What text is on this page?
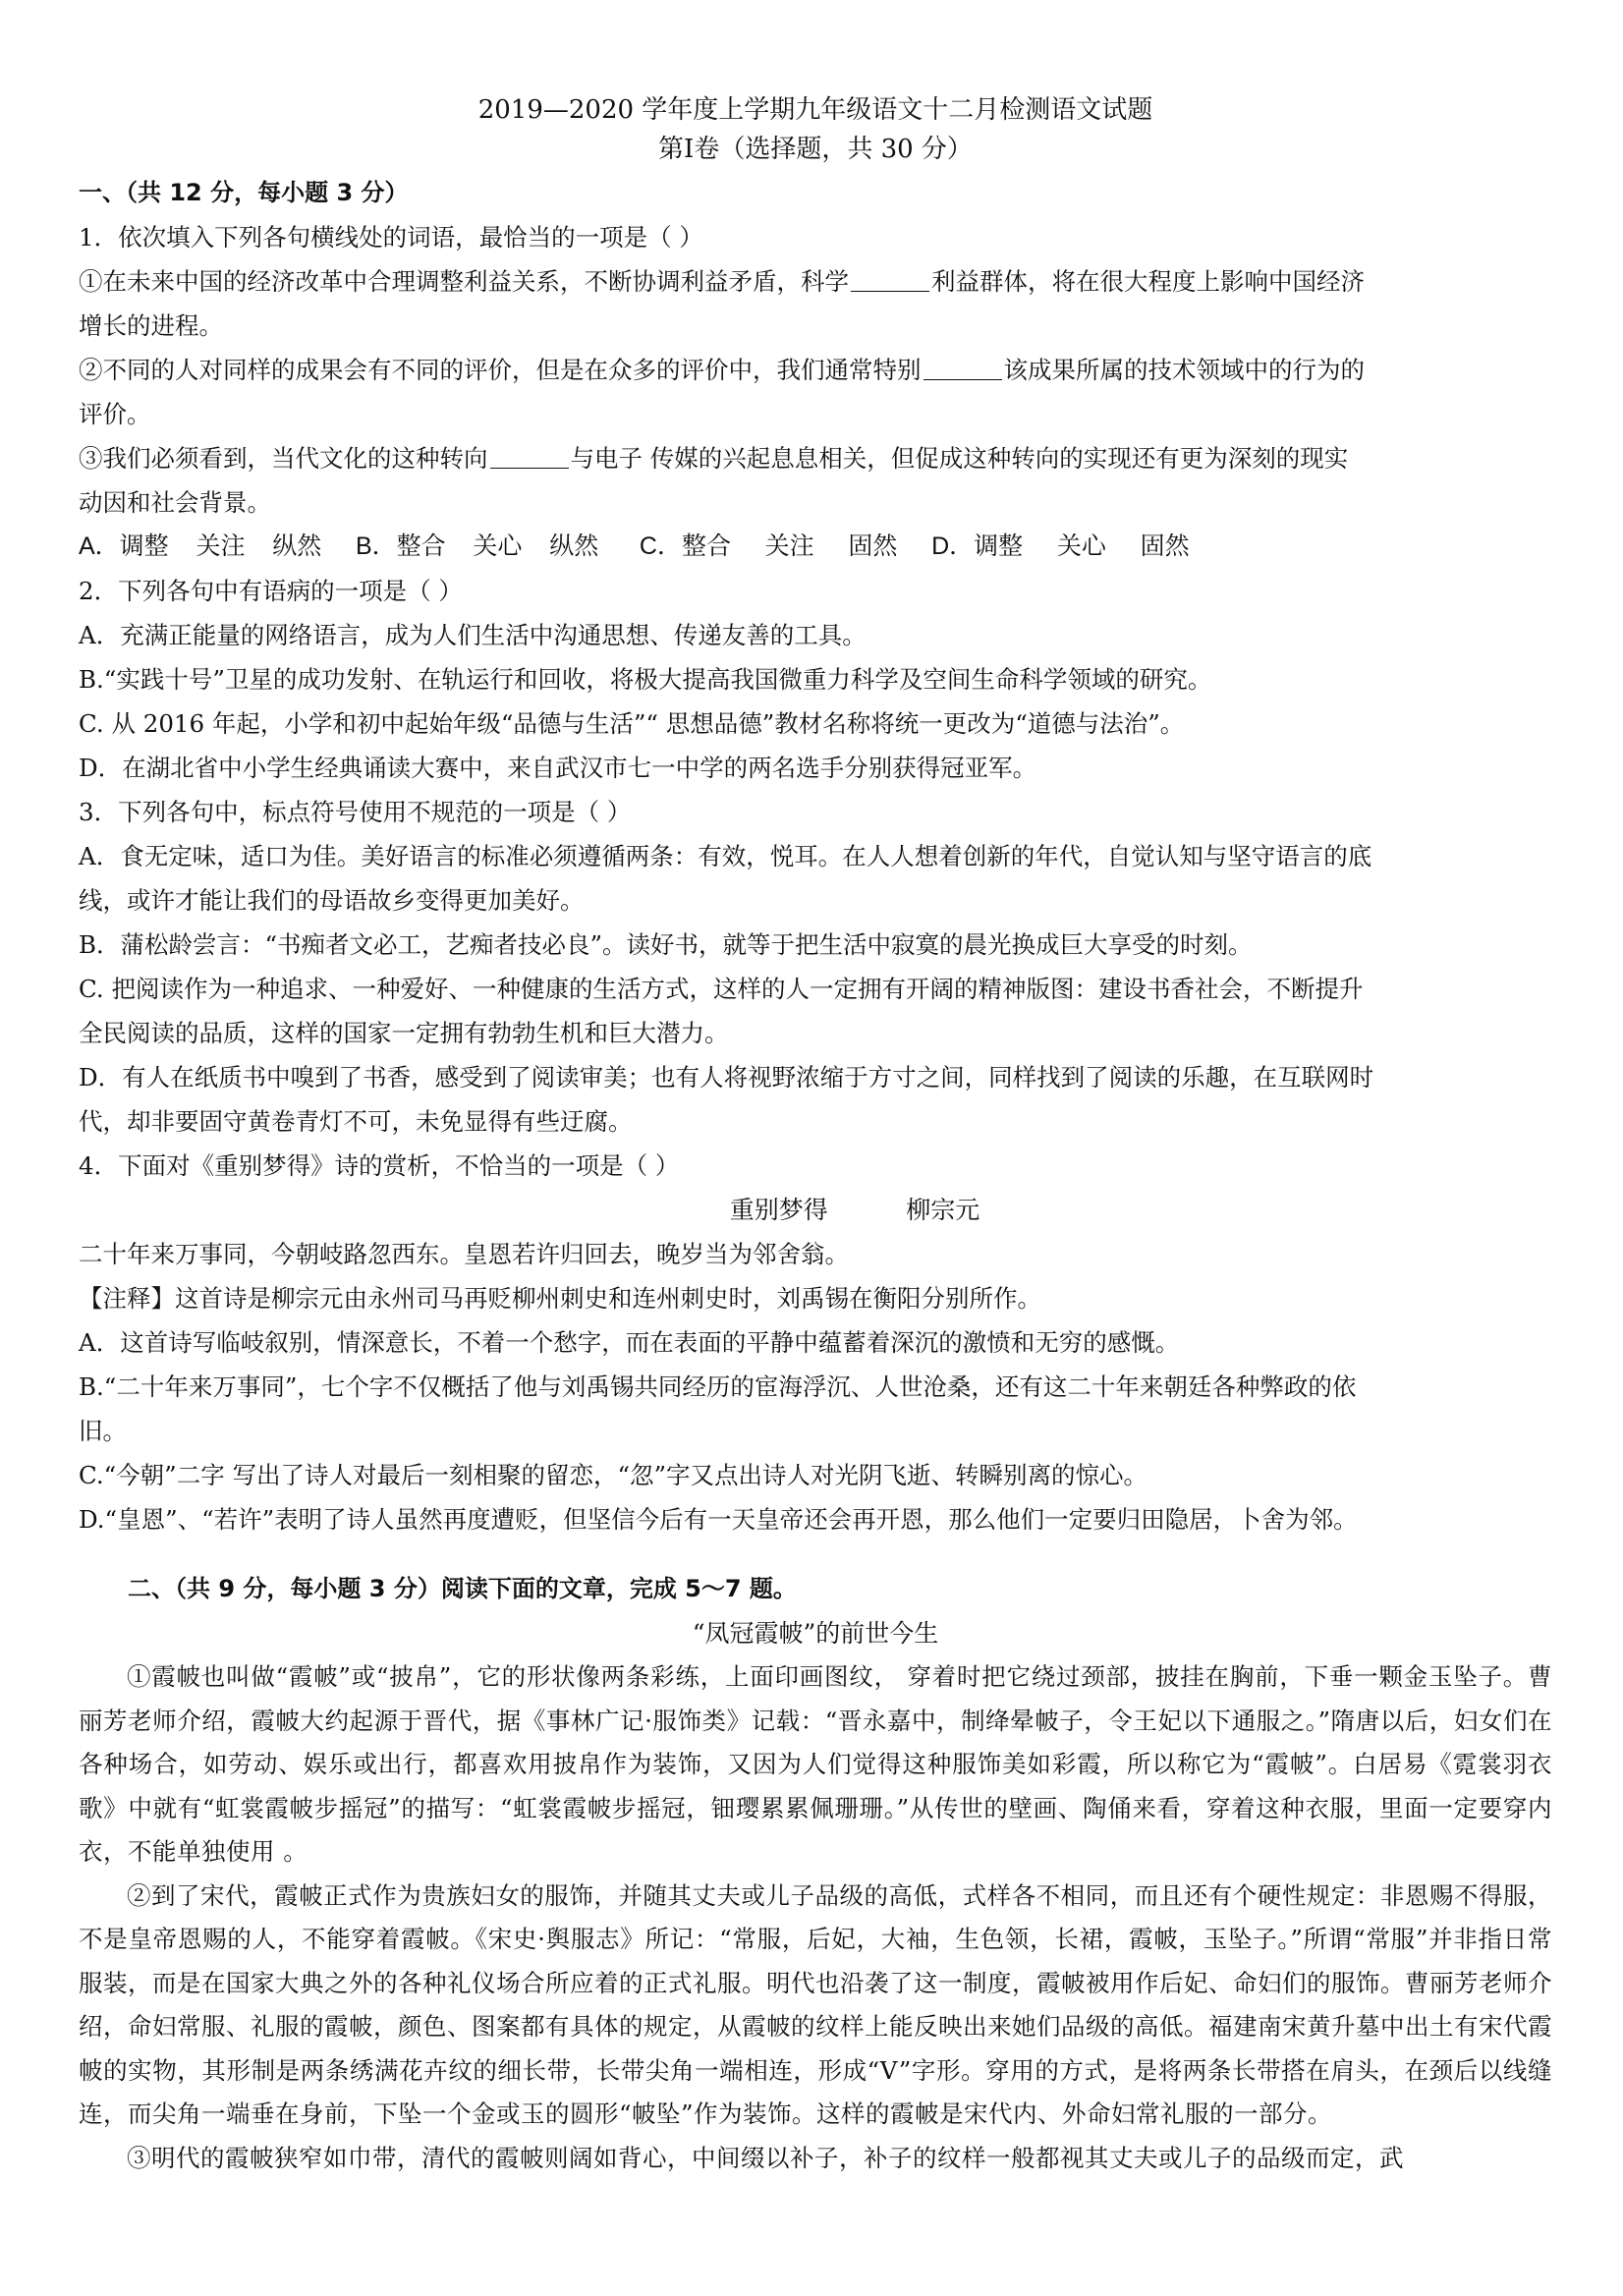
2019—2020 学年度上学期九年级语文十二月检测语文试题
第Ⅰ卷（选择题，共 30 分）
一、（共 12 分，每小题 3 分）
1．依次填入下列各句横线处的词语，最恰当的一项是（ ）
①在未来中国的经济改革中合理调整利益关系，不断协调利益矛盾，科学	利益群体，将在很大程度上影响中国经济
增长的进程。
②不同的人对同样的成果会有不同的评价，但是在众多的评价中，我们通常特别	该成果所属的技术领域中的行为的
评价。
③我们必须看到，当代文化的这种转向	与电子 传媒的兴起息息相关，但促成这种转向的实现还有更为深刻的现实
动因和社会背景。
A．调整    关注    纵然     B．整合    关心    纵然      C．整合     关注     固然     D．调整     关心     固然
2．下列各句中有语病的一项是（ ）
A．充满正能量的网络语言，成为人们生活中沟通思想、传递友善的工具。
B.“实践十号”卫星的成功发射、在轨运行和回收，将极大提高我国微重力科学及空间生命科学领域的研究。
C. 从 2016 年起，小学和初中起始年级“品德与生活”“ 思想品德”教材名称将统一更改为“道德与法治”。
D．在湖北省中小学生经典诵读大赛中，来自武汉市七一中学的两名选手分别获得冠亚军。
3．下列各句中，标点符号使用不规范的一项是（ ）
A．食无定味，适口为佳。美好语言的标准必须遵循两条：有效，悦耳。在人人想着创新的年代，自觉认知与坚守语言的底
线，或许才能让我们的母语故乡变得更加美好。
B．蒲松龄尝言：“书痴者文必工，艺痴者技必良”。读好书，就等于把生活中寂寞的晨光换成巨大享受的时刻。
C. 把阅读作为一种追求、一种爱好、一种健康的生活方式，这样的人一定拥有开阔的精神版图：建设书香社会，不断提升
全民阅读的品质，这样的国家一定拥有勃勃生机和巨大潜力。
D．有人在纸质书中嗅到了书香，感受到了阅读审美；也有人将视野浓缩于方寸之间，同样找到了阅读的乐趣，在互联网时
代，却非要固守黄卷青灯不可，未免显得有些迂腐。
4．下面对《重别梦得》诗的赏析，不恰当的一项是（ ）
重别梦得          柳宗元
二十年来万事同，今朝岐路忽西东。皇恩若许归回去，晚岁当为邻舍翁。
【注释】这首诗是柳宗元由永州司马再贬柳州刺史和连州刺史时，刘禹锡在衡阳分别所作。
A．这首诗写临岐叙别，情深意长，不着一个愁字，而在表面的平静中蕴蓄着深沉的激愤和无穷的感慨。
B.“二十年来万事同”，七个字不仅概括了他与刘禹锡共同经历的宦海浮沉、人世沧桑，还有这二十年来朝廷各种弊政的依
旧。
C.“今朝”二字 写出了诗人对最后一刻相聚的留恋，“忽”字又点出诗人对光阴飞逝、转瞬别离的惊心。
D.“皇恩”、“若许”表明了诗人虽然再度遭贬，但坚信今后有一天皇帝还会再开恩，那么他们一定要归田隐居，卜舍为邻。
二、（共 9 分，每小题 3 分）阅读下面的文章，完成 5～7 题。
“凤冠霞帔”的前世今生
①霞帔也叫做“霞帔”或“披帛”，它的形状像两条彩练，上面印画图纹， 穿着时把它绕过颈部，披挂在胸前，下垂一颗金玉坠子。曹丽芳老师介绍，霞帔大约起源于晋代，据《事林广记·服饰类》记载：“晋永嘉中，制绛晕帔子，令王妃以下通服之。”隋唐以后，妇女们在各种场合，如劳动、娱乐或出行，都喜欢用披帛作为装饰，又因为人们觉得这种服饰美如彩霞，所以称它为“霞帔”。白居易《霓裳羽衣歌》中就有“虹裳霞帔步摇冠”的描写：“虹裳霞帔步摇冠，钿璎累累佩珊珊。”从传世的壁画、陶俑来看，穿着这种衣服，里面一定要穿内衣，不能单独使用 。
②到了宋代，霞帔正式作为贵族妇女的服饰，并随其丈夫或儿子品级的高低，式样各不相同，而且还有个硬性规定：非恩赐不得服，不是皇帝恩赐的人，不能穿着霞帔。《宋史·舆服志》所记：“常服，后妃，大袖，生色领，长裙，霞帔，玉坠子。”所谓“常服”并非指日常服装，而是在国家大典之外的各种礼仪场合所应着的正式礼服。明代也沿袭了这一制度，霞帔被用作后妃、命妇们的服饰。曹丽芳老师介绍，命妇常服、礼服的霞帔，颜色、图案都有具体的规定，从霞帔的纹样上能反映出来她们品级的高低。福建南宋黄升墓中出土有宋代霞帔的实物，其形制是两条绣满花卉纹的细长带，长带尖角一端相连，形成“V”字形。穿用的方式，是将两条长带搭在肩头，在颈后以线缝连，而尖角一端垂在身前，下坠一个金或玉的圆形“帔坠”作为装饰。这样的霞帔是宋代内、外命妇常礼服的一部分。
③明代的霞帔狭窄如巾带，清代的霞帔则阔如背心，中间缀以补子，补子的纹样一般都视其丈夫或儿子的品级而定，武
